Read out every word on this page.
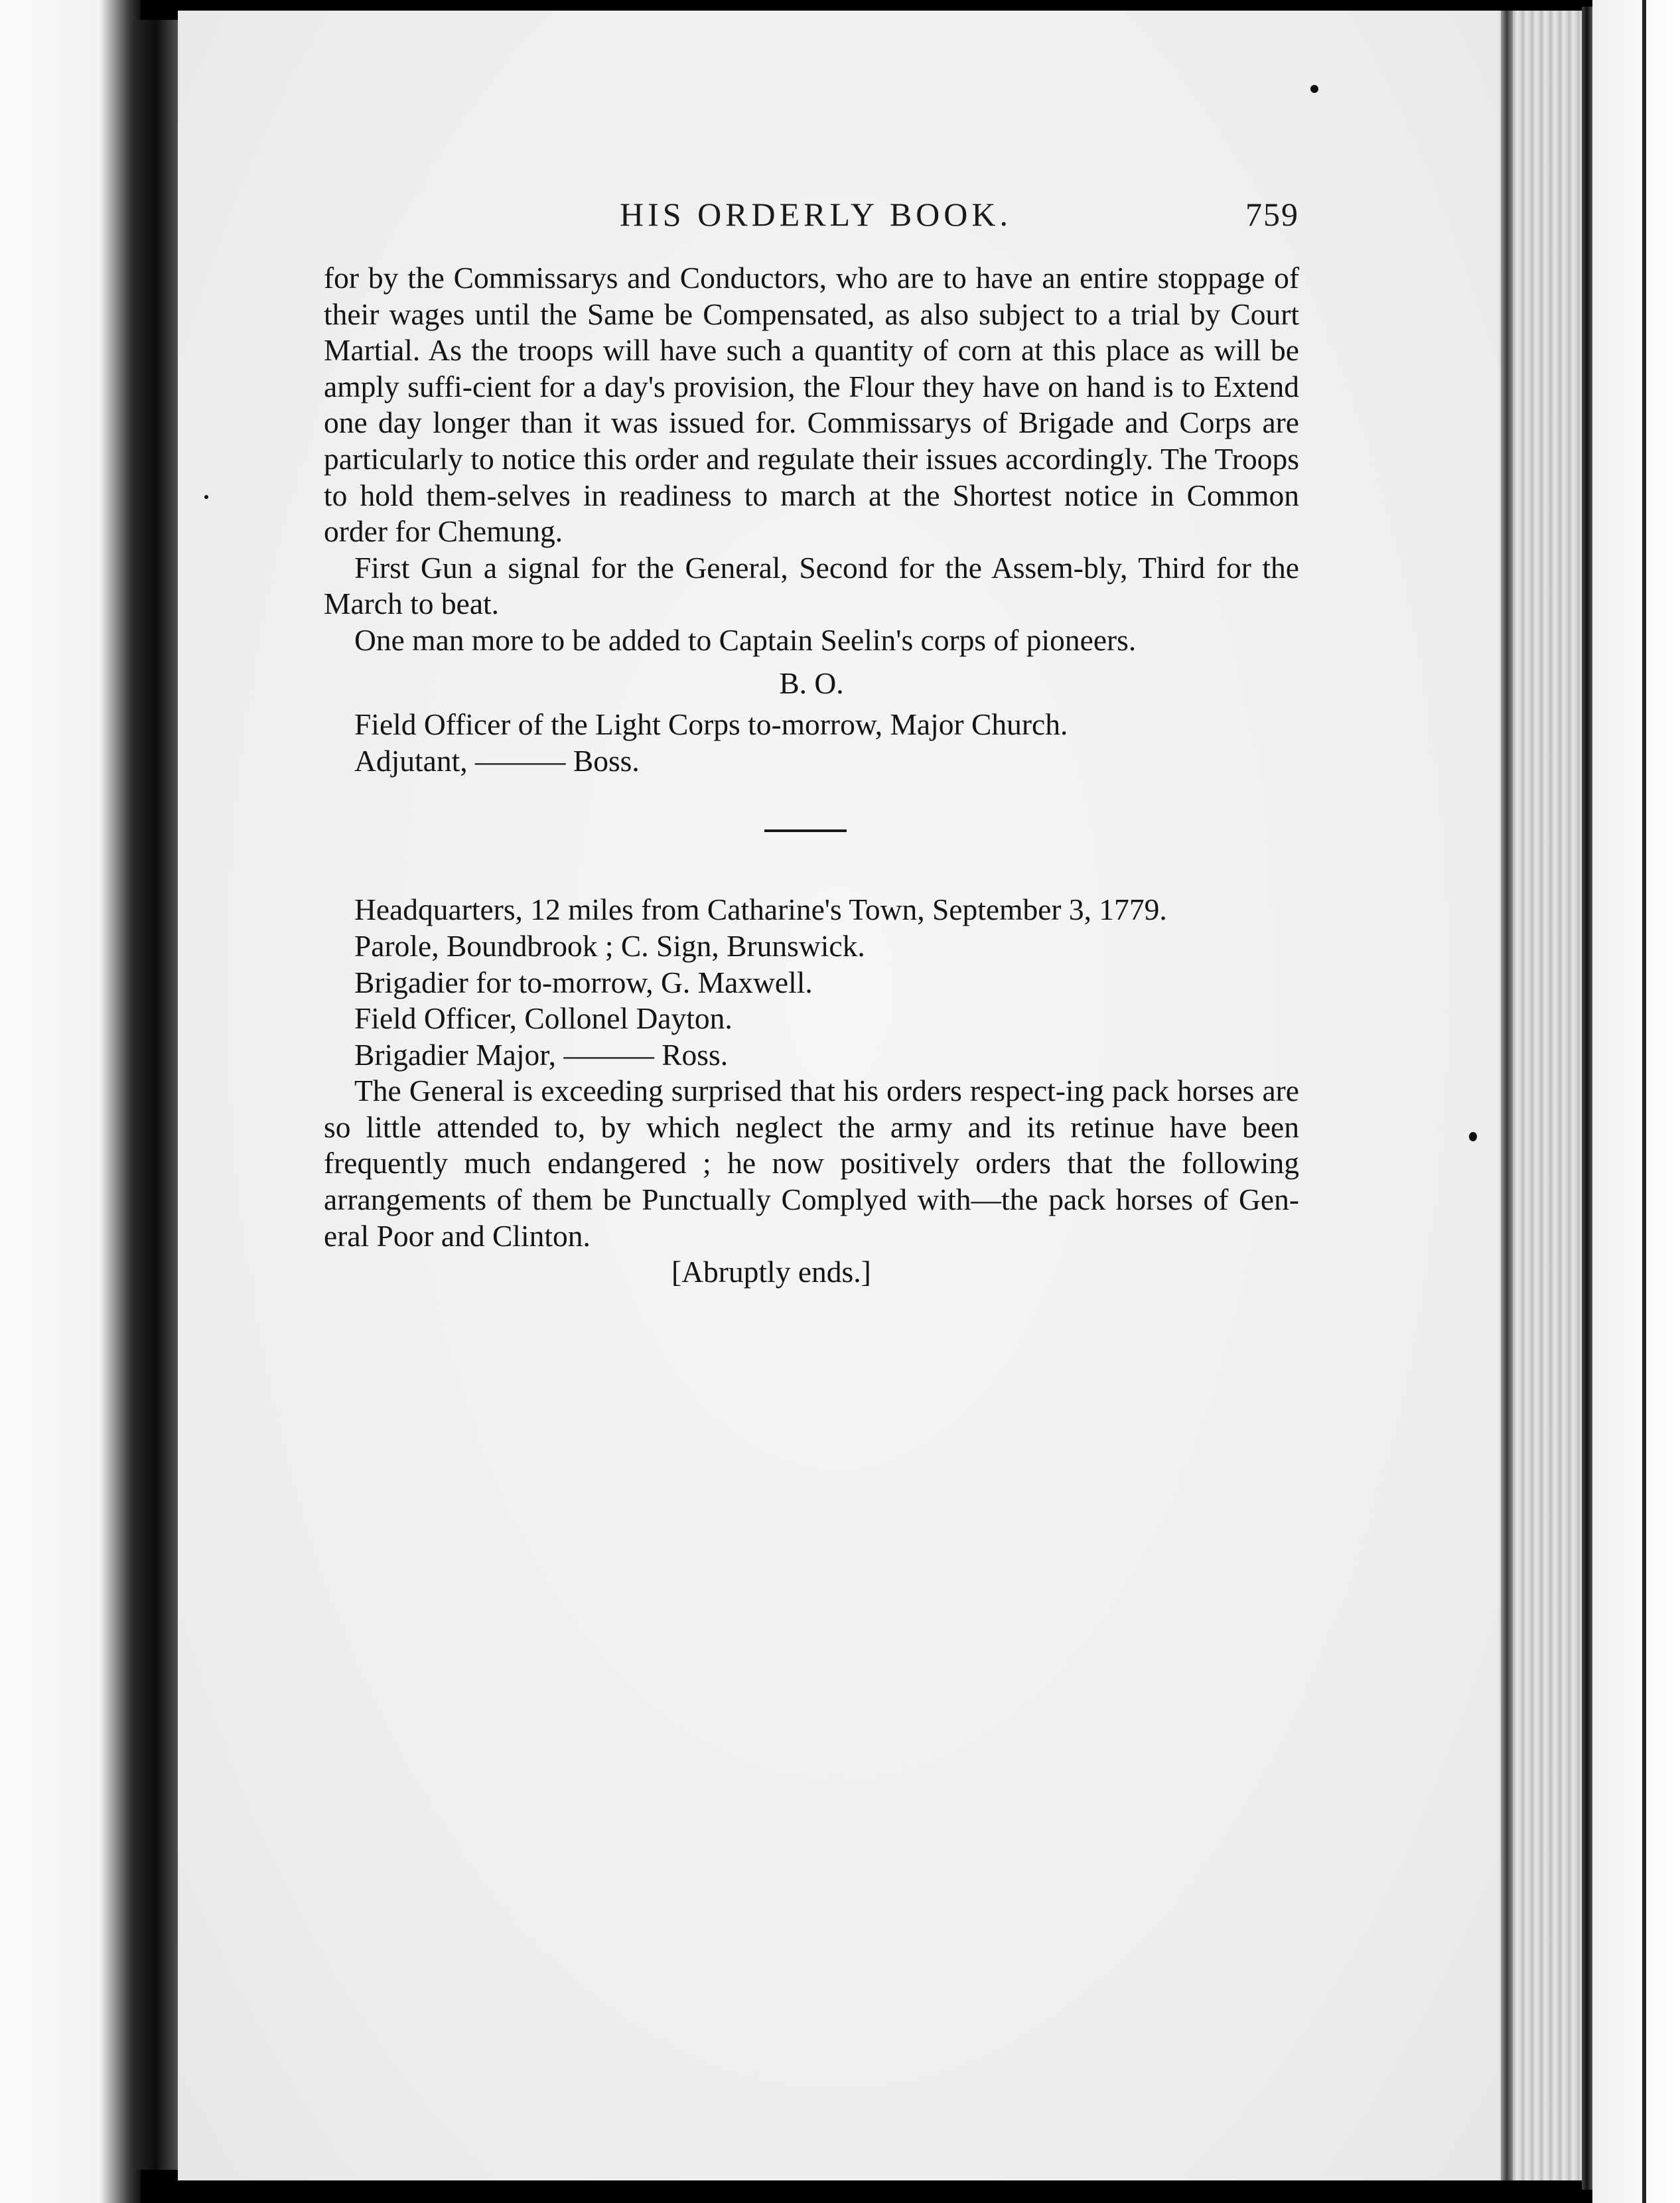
HIS ORDERLY BOOK.	759

for by the Commissarys and Conductors, who are to have an entire stoppage of their wages until the Same be Compensated, as also subject to a trial by Court Martial. As the troops will have such a quantity of corn at this place as will be amply suffi-cient for a day's provision, the Flour they have on hand is to Extend one day longer than it was issued for. Commissarys of Brigade and Corps are particularly to notice this order and regulate their issues accordingly. The Troops to hold them-selves in readiness to march at the Shortest notice in Common order for Chemung.

First Gun a signal for the General, Second for the Assem-bly, Third for the March to beat.

One man more to be added to Captain Seelin's corps of pioneers.

B. O.

Field Officer of the Light Corps to-morrow, Major Church.

Adjutant, ——— Boss.

Headquarters, 12 miles from Catharine's Town, September 3, 1779.

Parole, Boundbrook ; C. Sign, Brunswick.

Brigadier for to-morrow, G. Maxwell.

Field Officer, Collonel Dayton.

Brigadier Major, ——— Ross.

The General is exceeding surprised that his orders respect-ing pack horses are so little attended to, by which neglect the army and its retinue have been frequently much endangered ; he now positively orders that the following arrangements of them be Punctually Complyed with—the pack horses of Gen-eral Poor and Clinton.

[Abruptly ends.]
